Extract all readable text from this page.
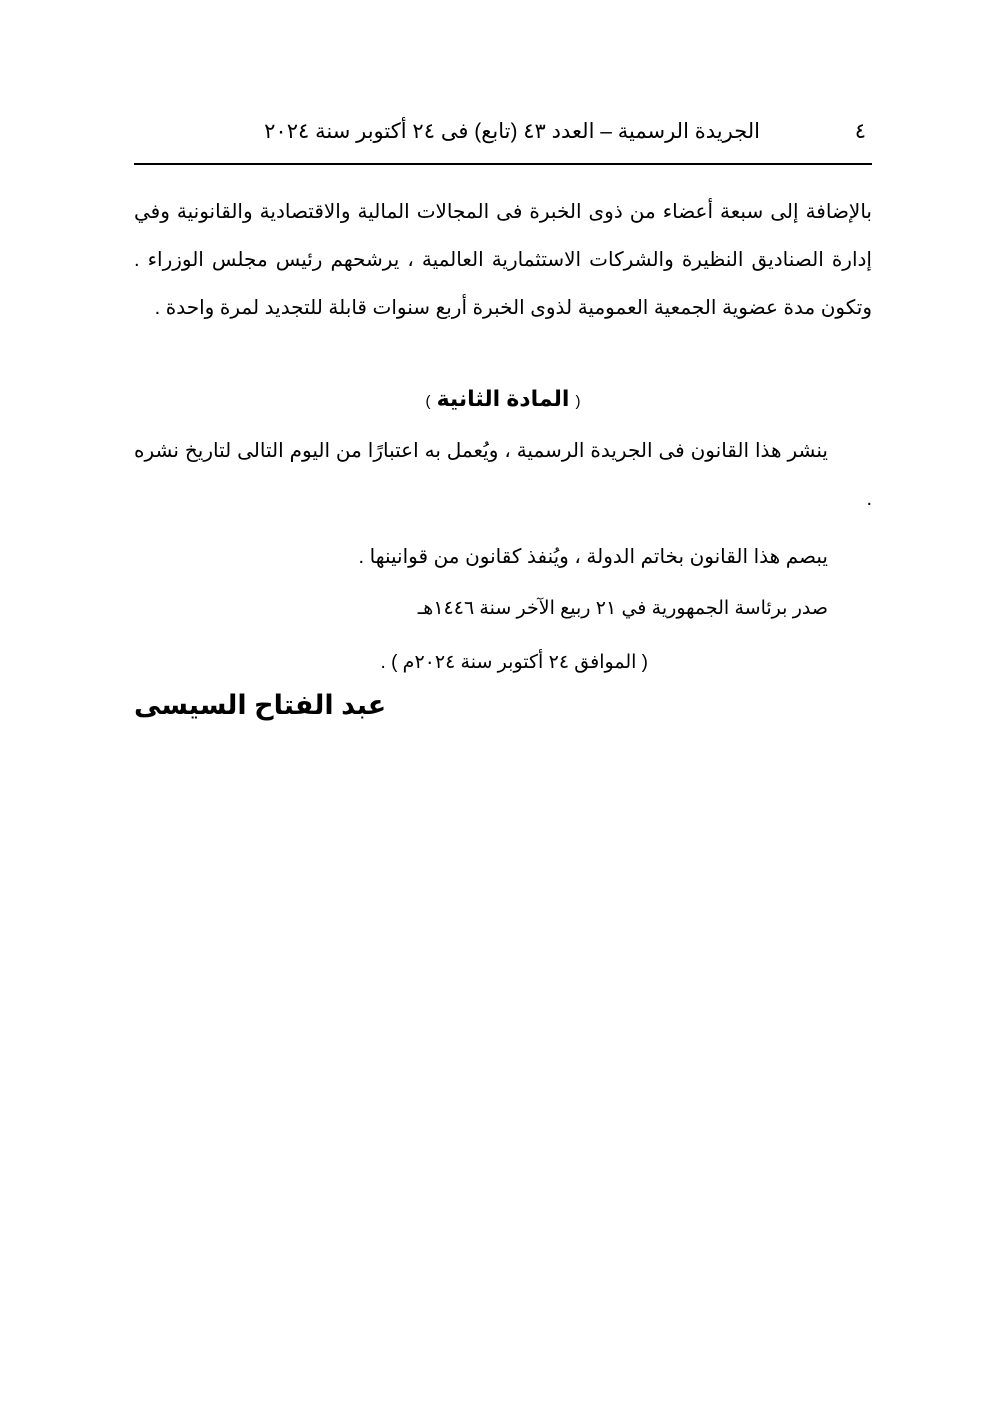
٤
الجريدة الرسمية – العدد ٤٣ (تابع) فى ٢٤ أكتوبر سنة ٢٠٢٤

بالإضافة إلى سبعة أعضاء من ذوى الخبرة فى المجالات المالية والاقتصادية والقانونية وفي إدارة الصناديق النظيرة والشركات الاستثمارية العالمية ، يرشحهم رئيس مجلس الوزراء . وتكون مدة عضوية الجمعية العمومية لذوى الخبرة أربع سنوات قابلة للتجديد لمرة واحدة .

( المادة الثانية )

ينشر هذا القانون فى الجريدة الرسمية ، ويُعمل به اعتبارًا من اليوم التالى لتاريخ نشره .

يبصم هذا القانون بخاتم الدولة ، ويُنفذ كقانون من قوانينها .
صدر برئاسة الجمهورية في ٢١ ربيع الآخر سنة ١٤٤٦هـ
( الموافق ٢٤ أكتوبر سنة ٢٠٢٤م ) .
عبد الفتاح السيسى
